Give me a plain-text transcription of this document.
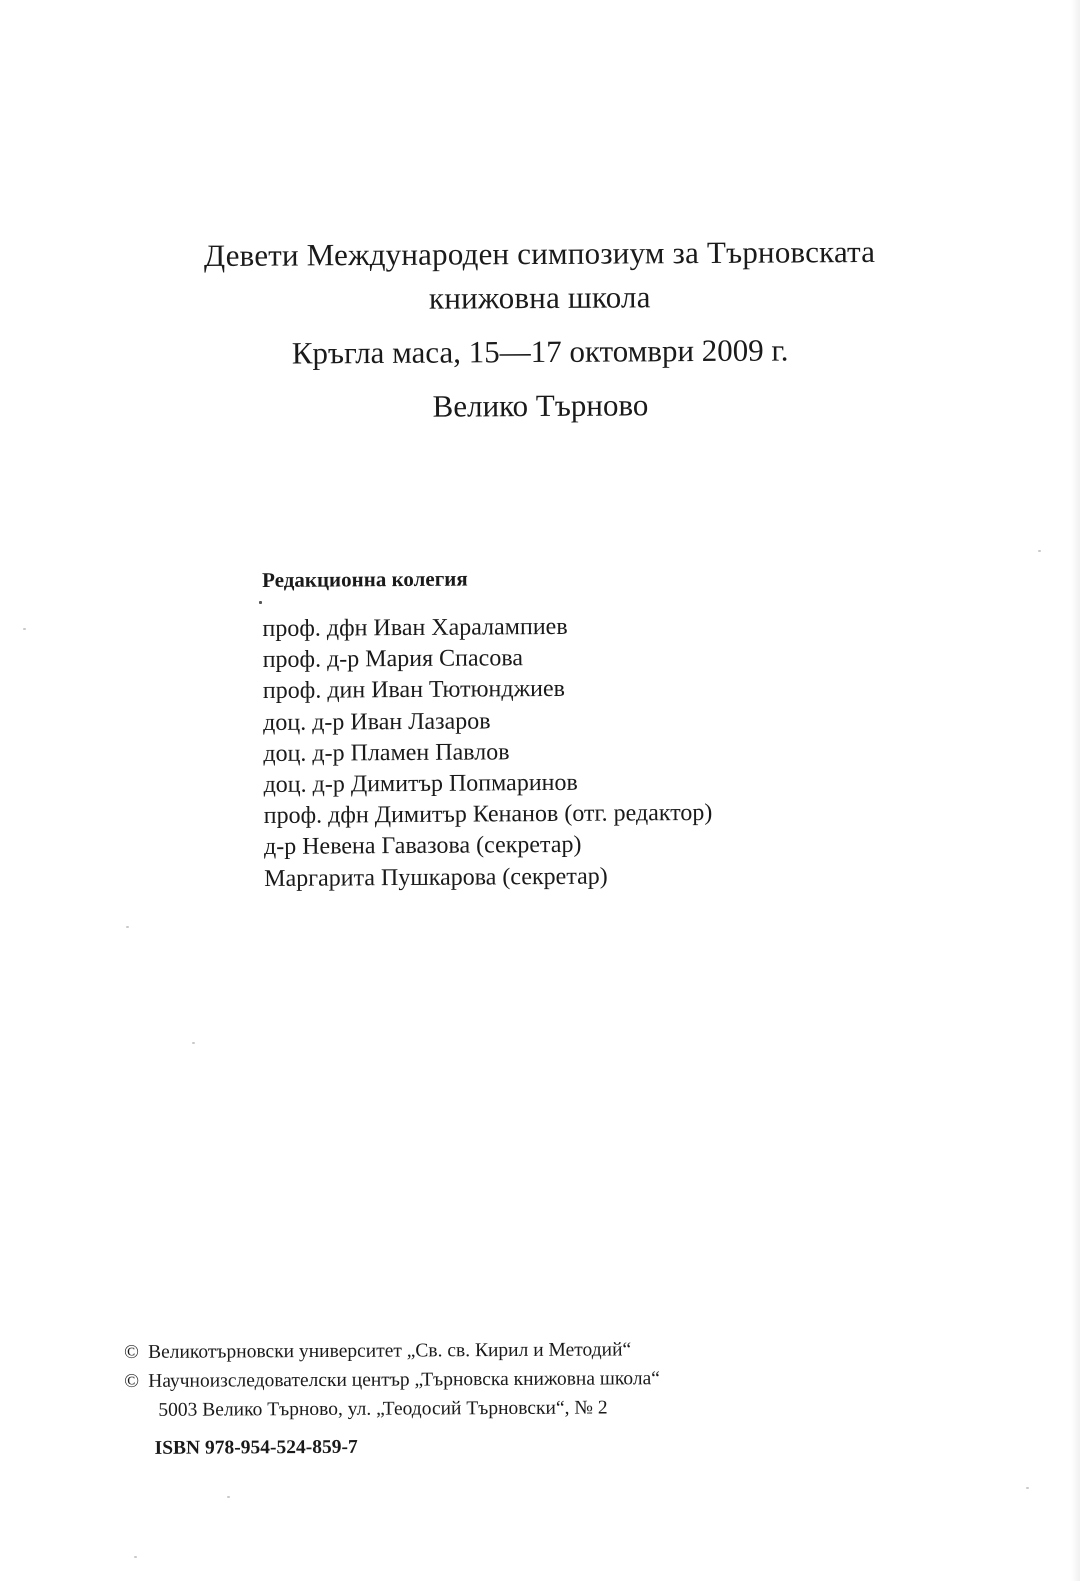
Девети Международен симпозиум за Търновската
книжовна школа
Кръгла маса, 15—17 октомври 2009 г.
Велико Търново
Редакционна колегия
проф. дфн Иван Харалампиев
проф. д-р Мария Спасова
проф. дин Иван Тютюнджиев
доц. д-р Иван Лазаров
доц. д-р Пламен Павлов
доц. д-р Димитър Попмаринов
проф. дфн Димитър Кенанов (отг. редактор)
д-р Невена Гавазова (секретар)
Маргарита Пушкарова (секретар)
© Великотърновски университет „Св. св. Кирил и Методий“
© Научноизследователски център „Търновска книжовна школа“
5003 Велико Търново, ул. „Теодосий Търновски“, № 2
ISBN 978-954-524-859-7
